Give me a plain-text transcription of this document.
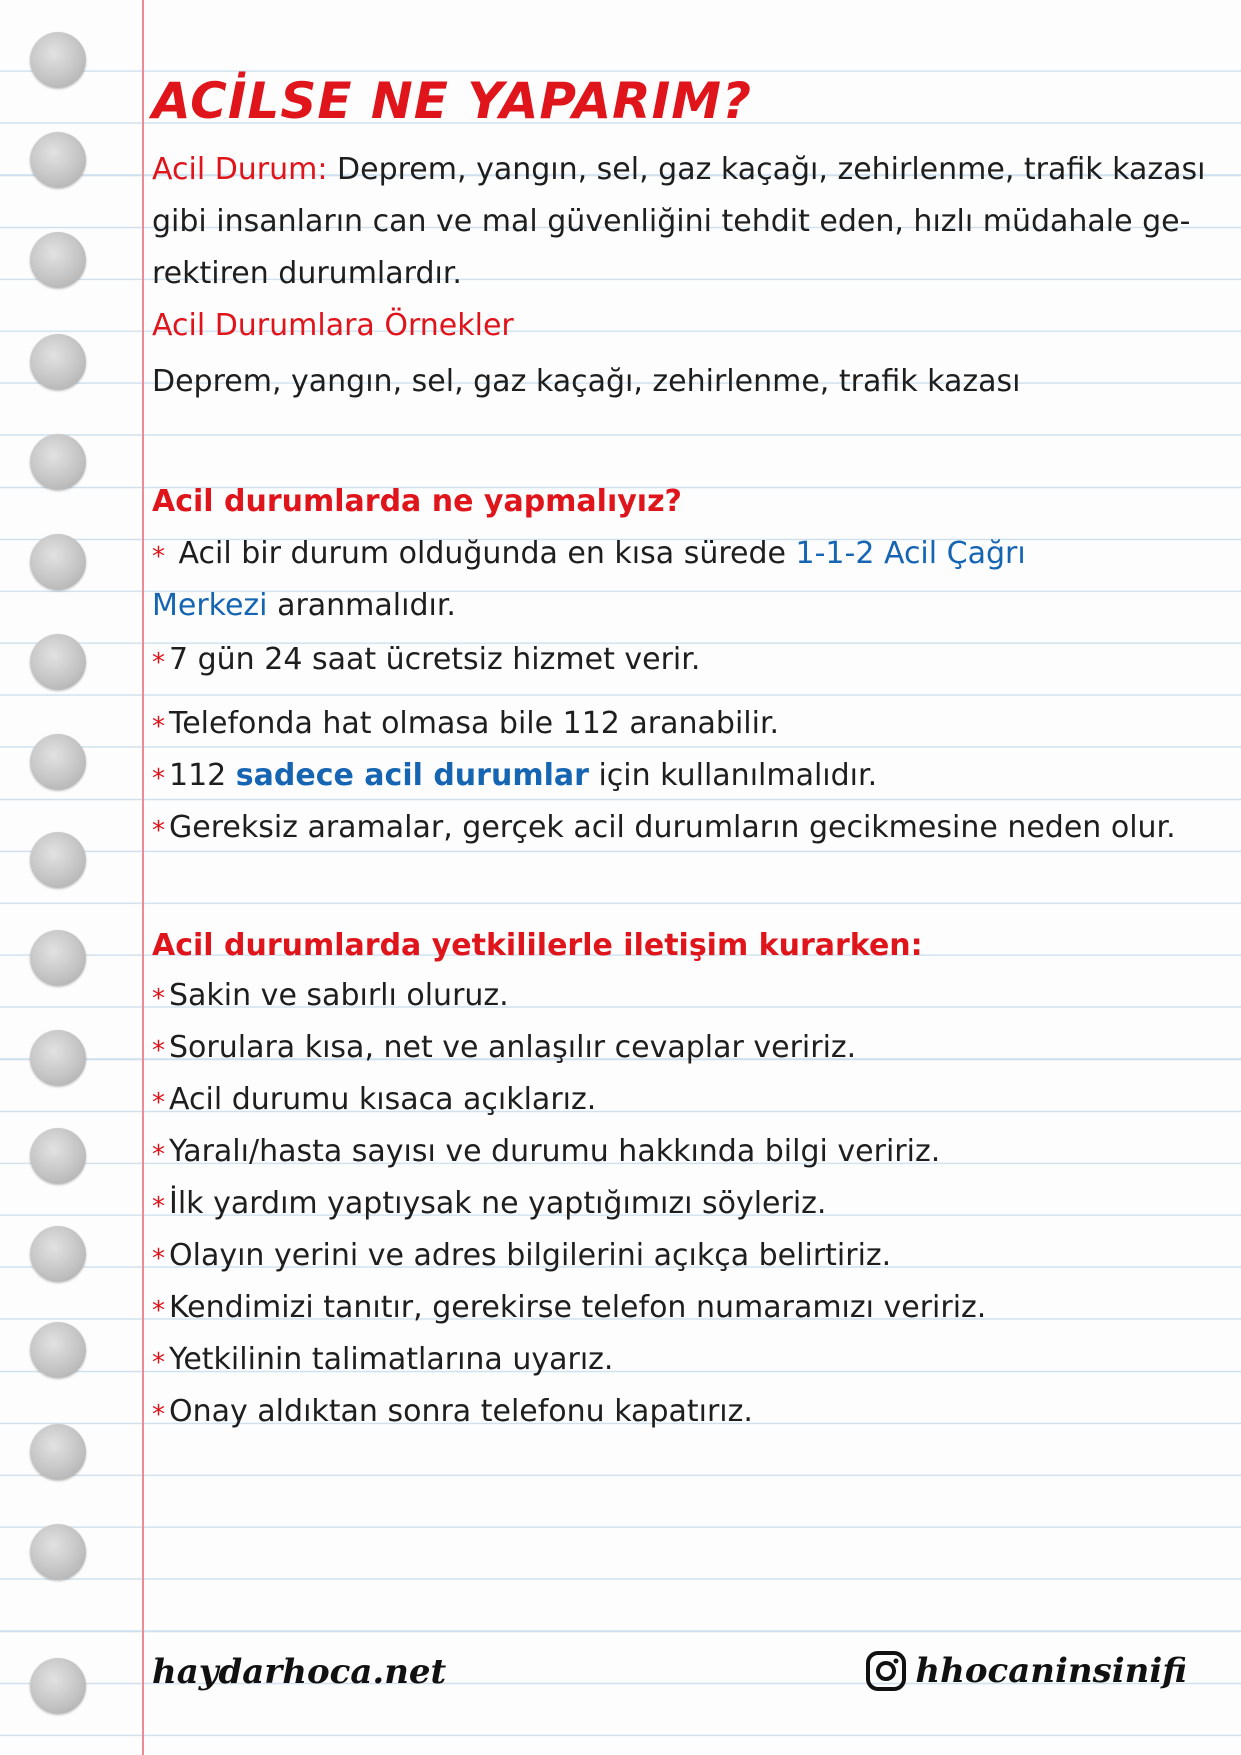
ACİLSE NE YAPARIM?

Acil Durum: Deprem, yangın, sel, gaz kaçağı, zehirlenme, trafik kazası

gibi insanların can ve mal güvenliğini tehdit eden, hızlı müdahale ge-

rektiren durumlardır.

Acil Durumlara Örnekler

Deprem, yangın, sel, gaz kaçağı, zehirlenme, trafik kazası

Acil durumlarda ne yapmalıyız?

* Acil bir durum olduğunda en kısa sürede 1-1-2 Acil Çağrı

Merkezi aranmalıdır.

* 7 gün 24 saat ücretsiz hizmet verir.

* Telefonda hat olmasa bile 112 aranabilir.

* 112 sadece acil durumlar için kullanılmalıdır.

* Gereksiz aramalar, gerçek acil durumların gecikmesine neden olur.

Acil durumlarda yetkililerle iletişim kurarken:

* Sakin ve sabırlı oluruz.

* Sorulara kısa, net ve anlaşılır cevaplar veririz.

* Acil durumu kısaca açıklarız.

* Yaralı/hasta sayısı ve durumu hakkında bilgi veririz.

* İlk yardım yaptıysak ne yaptığımızı söyleriz.

* Olayın yerini ve adres bilgilerini açıkça belirtiriz.

* Kendimizi tanıtır, gerekirse telefon numaramızı veririz.

* Yetkilinin talimatlarına uyarız.

* Onay aldıktan sonra telefonu kapatırız.

haydarhoca.net	hhocaninsinifi
